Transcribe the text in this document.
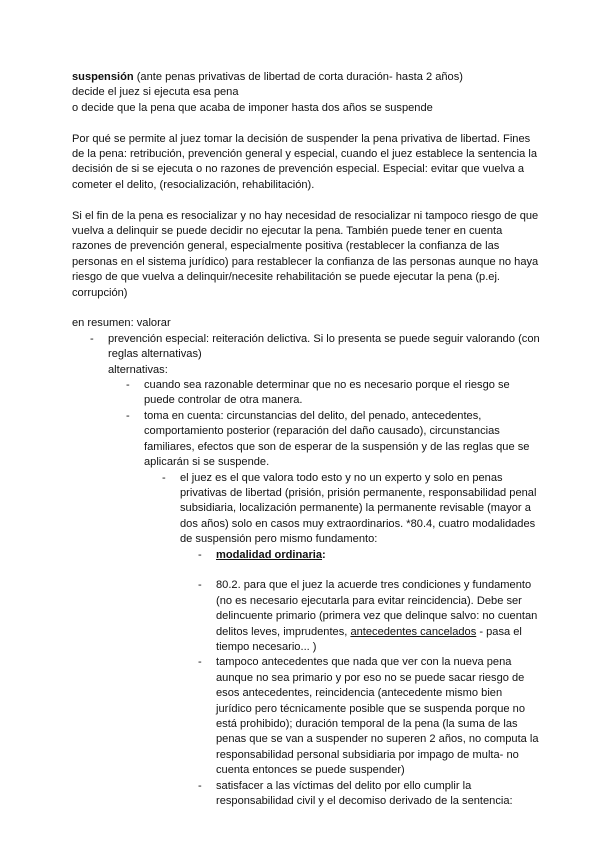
suspensión (ante penas privativas de libertad de corta duración- hasta 2 años)

decide el juez si ejecuta esa pena

o decide que la pena que acaba de imponer hasta dos años se suspende

Por qué se permite al juez tomar la decisión de suspender la pena privativa de libertad. Fines de la pena: retribución, prevención general y especial, cuando el juez establece la sentencia la decisión de si se ejecuta o no razones de prevención especial. Especial: evitar que vuelva a cometer el delito, (resocialización, rehabilitación).

Si el fin de la pena es resocializar y no hay necesidad de resocializar ni tampoco riesgo de que vuelva a delinquir se puede decidir no ejecutar la pena. También puede tener en cuenta razones de prevención general, especialmente positiva (restablecer la confianza de las personas en el sistema jurídico) para restablecer la confianza de las personas aunque no haya riesgo de que vuelva a delinquir/necesite rehabilitación se puede ejecutar la pena (p.ej. corrupción)

en resumen: valorar

- prevención especial: reiteración delictiva. Si lo presenta se puede seguir valorando (con reglas alternativas)

alternativas:

- cuando sea razonable determinar que no es necesario porque el riesgo se puede controlar de otra manera.

- toma en cuenta: circunstancias del delito, del penado, antecedentes, comportamiento posterior (reparación del daño causado), circunstancias familiares, efectos que son de esperar de la suspensión y de las reglas que se aplicarán si se suspende.

- el juez es el que valora todo esto y no un experto y solo en penas privativas de libertad (prisión, prisión permanente, responsabilidad penal subsidiaria, localización permanente) la permanente revisable (mayor a dos años) solo en casos muy extraordinarios. *80.4, cuatro modalidades de suspensión pero mismo fundamento:

- modalidad ordinaria:

- 80.2. para que el juez la acuerde tres condiciones y fundamento (no es necesario ejecutarla para evitar reincidencia). Debe ser delincuente primario (primera vez que delinque salvo: no cuentan delitos leves, imprudentes, antecedentes cancelados - pasa el tiempo necesario... )

- tampoco antecedentes que nada que ver con la nueva pena aunque no sea primario y por eso no se puede sacar riesgo de esos antecedentes, reincidencia (antecedente mismo bien jurídico pero técnicamente posible que se suspenda porque no está prohibido); duración temporal de la pena (la suma de las penas que se van a suspender no superen 2 años, no computa la responsabilidad personal subsidiaria por impago de multa- no cuenta entonces se puede suspender)

- satisfacer a las víctimas del delito por ello cumplir la responsabilidad civil y el decomiso derivado de la sentencia:
